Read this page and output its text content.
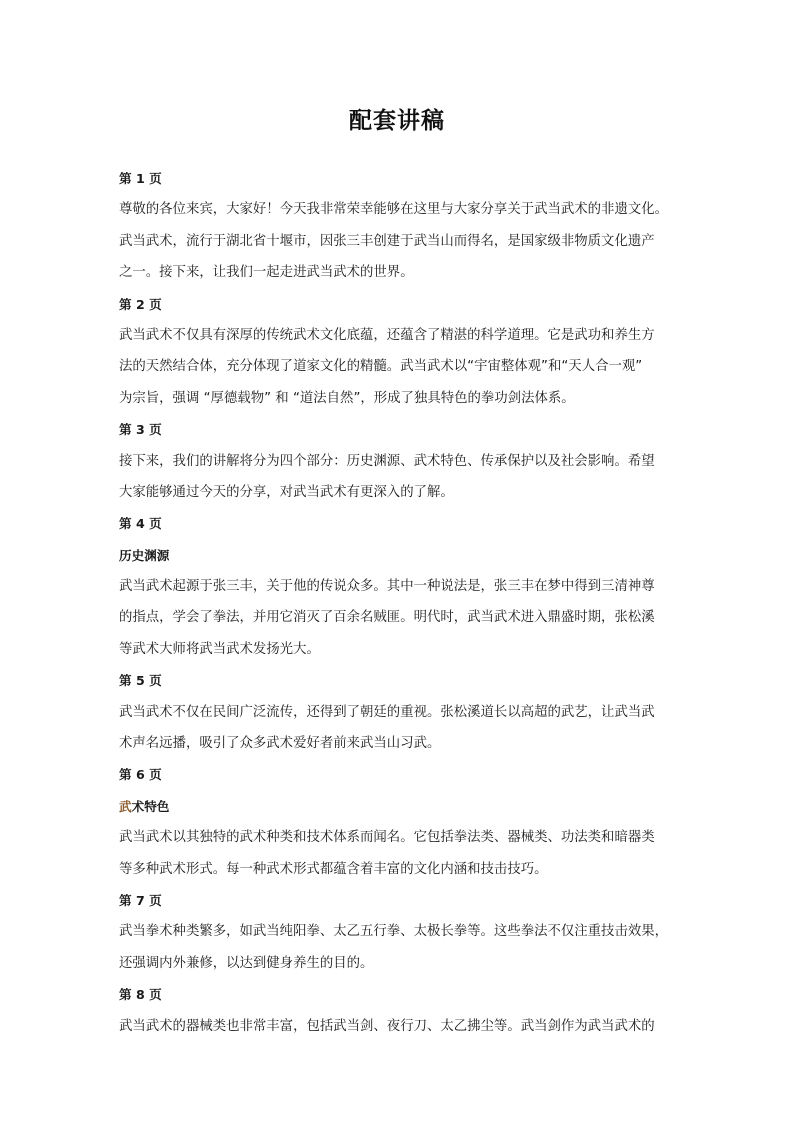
配套讲稿
第 1 页
尊敬的各位来宾，大家好！今天我非常荣幸能够在这里与大家分享关于武当武术的非遗文化。
武当武术，流行于湖北省十堰市，因张三丰创建于武当山而得名，是国家级非物质文化遗产
之一。接下来，让我们一起走进武当武术的世界。
第 2 页
武当武术不仅具有深厚的传统武术文化底蕴，还蕴含了精湛的科学道理。它是武功和养生方
法的天然结合体，充分体现了道家文化的精髓。武当武术以“宇宙整体观”和“天人合一观”
为宗旨，强调 “厚德载物” 和 “道法自然”，形成了独具特色的拳功剑法体系。
第 3 页
接下来，我们的讲解将分为四个部分：历史渊源、武术特色、传承保护以及社会影响。希望
大家能够通过今天的分享，对武当武术有更深入的了解。
第 4 页
历史渊源
武当武术起源于张三丰，关于他的传说众多。其中一种说法是，张三丰在梦中得到三清神尊
的指点，学会了拳法，并用它消灭了百余名贼匪。明代时，武当武术进入鼎盛时期，张松溪
等武术大师将武当武术发扬光大。
第 5 页
武当武术不仅在民间广泛流传，还得到了朝廷的重视。张松溪道长以高超的武艺，让武当武
术声名远播，吸引了众多武术爱好者前来武当山习武。
第 6 页
武术特色
武当武术以其独特的武术种类和技术体系而闻名。它包括拳法类、器械类、功法类和暗器类
等多种武术形式。每一种武术形式都蕴含着丰富的文化内涵和技击技巧。
第 7 页
武当拳术种类繁多，如武当纯阳拳、太乙五行拳、太极长拳等。这些拳法不仅注重技击效果，
还强调内外兼修，以达到健身养生的目的。
第 8 页
武当武术的器械类也非常丰富，包括武当剑、夜行刀、太乙拂尘等。武当剑作为武当武术的
